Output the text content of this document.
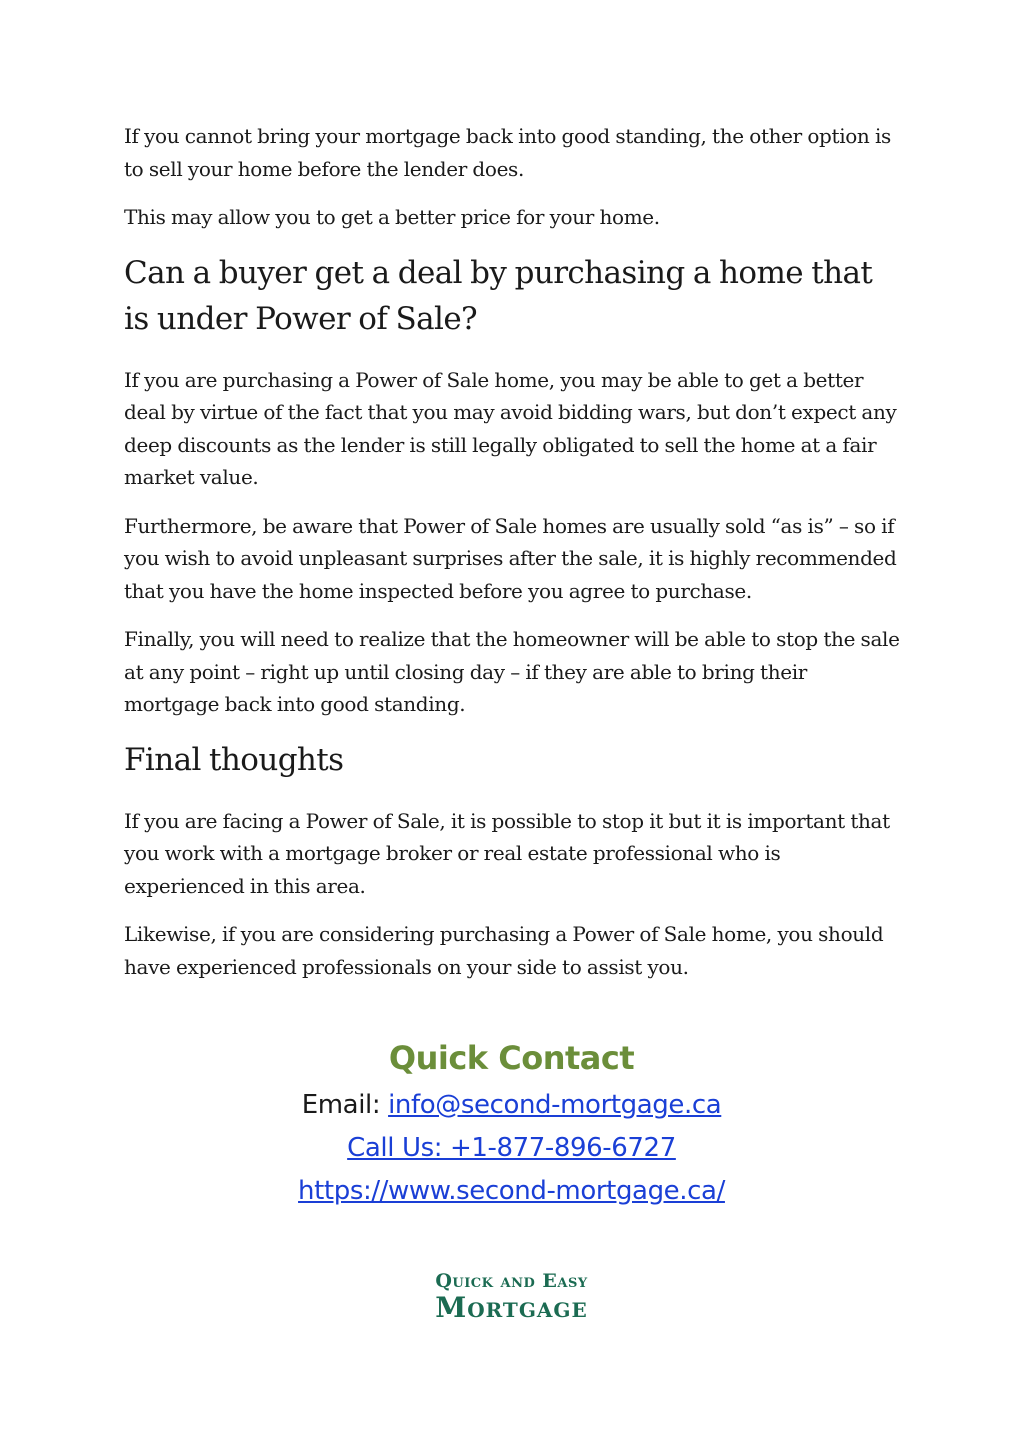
If you cannot bring your mortgage back into good standing, the other option is to sell your home before the lender does.

This may allow you to get a better price for your home.

Can a buyer get a deal by purchasing a home that is under Power of Sale?

If you are purchasing a Power of Sale home, you may be able to get a better deal by virtue of the fact that you may avoid bidding wars, but don’t expect any deep discounts as the lender is still legally obligated to sell the home at a fair market value.

Furthermore, be aware that Power of Sale homes are usually sold “as is” – so if you wish to avoid unpleasant surprises after the sale, it is highly recommended that you have the home inspected before you agree to purchase.

Finally, you will need to realize that the homeowner will be able to stop the sale at any point – right up until closing day – if they are able to bring their mortgage back into good standing.

Final thoughts

If you are facing a Power of Sale, it is possible to stop it but it is important that you work with a mortgage broker or real estate professional who is experienced in this area.

Likewise, if you are considering purchasing a Power of Sale home, you should have experienced professionals on your side to assist you.

Quick Contact

Email: info@second-mortgage.ca

Call Us: +1-877-896-6727

https://www.second-mortgage.ca/

Quick and Easy
Mortgage
